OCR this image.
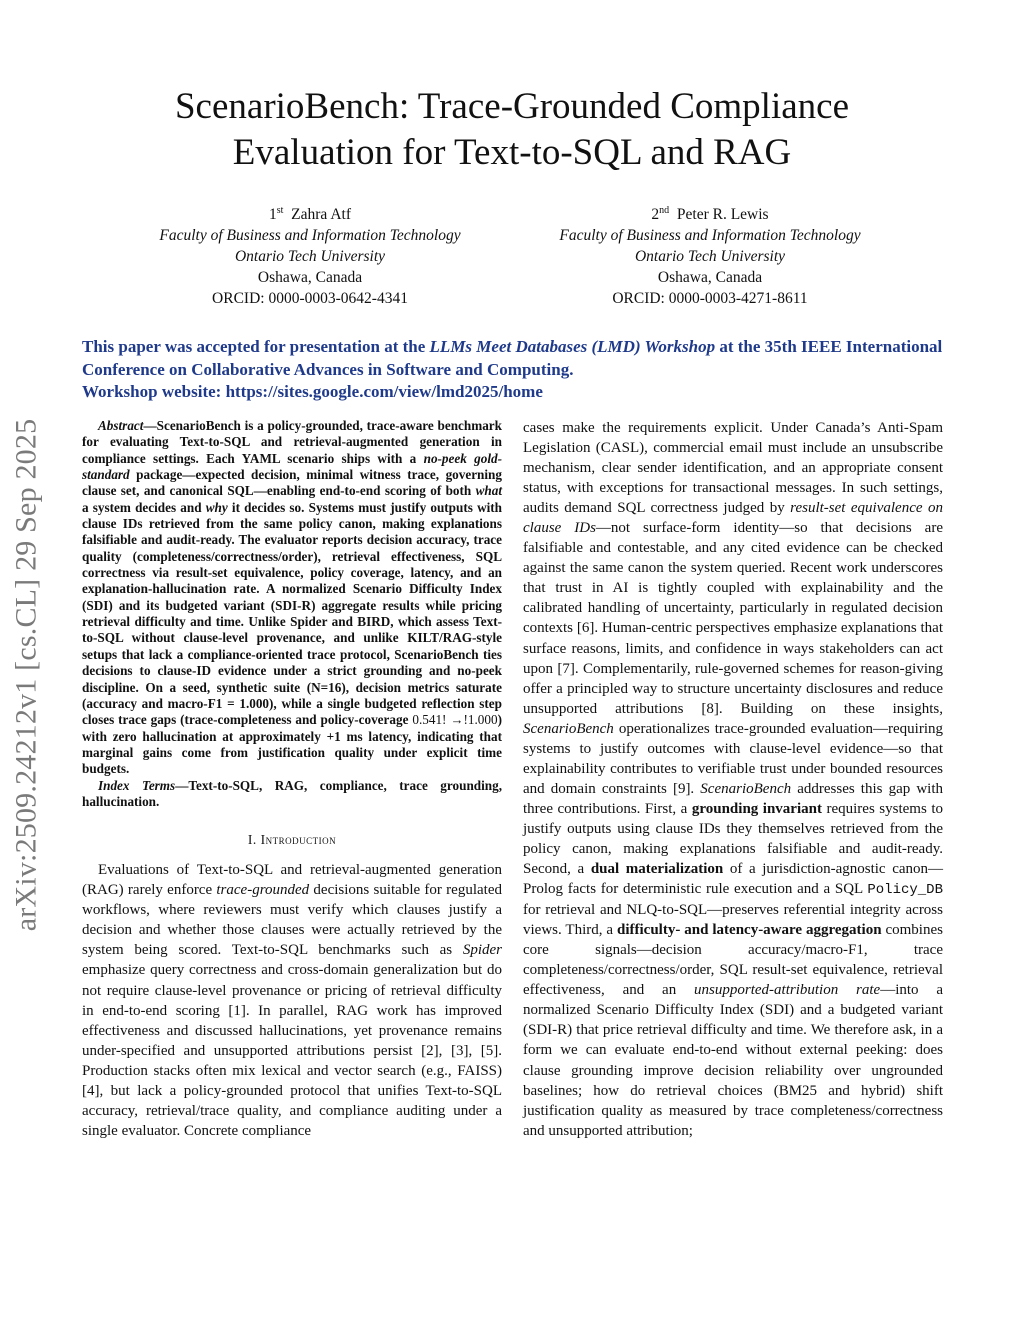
arXiv:2509.24212v1 [cs.CL] 29 Sep 2025
ScenarioBench: Trace-Grounded Compliance
Evaluation for Text-to-SQL and RAG
1st Zahra Atf
Faculty of Business and Information Technology
Ontario Tech University
Oshawa, Canada
ORCID: 0000-0003-0642-4341
2nd Peter R. Lewis
Faculty of Business and Information Technology
Ontario Tech University
Oshawa, Canada
ORCID: 0000-0003-4271-8611
This paper was accepted for presentation at the LLMs Meet Databases (LMD) Workshop at the 35th IEEE International Conference on Collaborative Advances in Software and Computing.
Workshop website: https://sites.google.com/view/lmd2025/home

Abstract—ScenarioBench is a policy-grounded, trace-aware benchmark for evaluating Text-to-SQL and retrieval-augmented generation in compliance settings. Each YAML scenario ships with a no-peek gold-standard package—expected decision, minimal witness trace, governing clause set, and canonical SQL—enabling end-to-end scoring of both what a system decides and why it decides so. Systems must justify outputs with clause IDs retrieved from the same policy canon, making explanations falsifiable and audit-ready. The evaluator reports decision accuracy, trace quality (completeness/correctness/order), retrieval effectiveness, SQL correctness via result-set equivalence, policy coverage, latency, and an explanation-hallucination rate. A normalized Scenario Difficulty Index (SDI) and its budgeted variant (SDI-R) aggregate results while pricing retrieval difficulty and time. Unlike Spider and BIRD, which assess Text-to-SQL without clause-level provenance, and unlike KILT/RAG-style setups that lack a compliance-oriented trace protocol, ScenarioBench ties decisions to clause-ID evidence under a strict grounding and no-peek discipline. On a seed, synthetic suite (N=16), decision metrics saturate (accuracy and macro-F1 = 1.000), while a single budgeted reflection step closes trace gaps (trace-completeness and policy-coverage 0.541! →!1.000) with zero hallucination at approximately +1 ms latency, indicating that marginal gains come from justification quality under explicit time budgets.

Index Terms—Text-to-SQL, RAG, compliance, trace grounding, hallucination.

I. Introduction

Evaluations of Text-to-SQL and retrieval-augmented generation (RAG) rarely enforce trace-grounded decisions suitable for regulated workflows, where reviewers must verify which clauses justify a decision and whether those clauses were actually retrieved by the system being scored. Text-to-SQL benchmarks such as Spider emphasize query correctness and cross-domain generalization but do not require clause-level provenance or pricing of retrieval difficulty in end-to-end scoring [1]. In parallel, RAG work has improved effectiveness and discussed hallucinations, yet provenance remains under-specified and unsupported attributions persist [2], [3], [5]. Production stacks often mix lexical and vector search (e.g., FAISS) [4], but lack a policy-grounded protocol that unifies Text-to-SQL accuracy, retrieval/trace quality, and compliance auditing under a single evaluator. Concrete compliance

cases make the requirements explicit. Under Canada’s Anti-Spam Legislation (CASL), commercial email must include an unsubscribe mechanism, clear sender identification, and an appropriate consent status, with exceptions for transactional messages. In such settings, audits demand SQL correctness judged by result-set equivalence on clause IDs—not surface-form identity—so that decisions are falsifiable and contestable, and any cited evidence can be checked against the same canon the system queried. Recent work underscores that trust in AI is tightly coupled with explainability and the calibrated handling of uncertainty, particularly in regulated decision contexts [6]. Human-centric perspectives emphasize explanations that surface reasons, limits, and confidence in ways stakeholders can act upon [7]. Complementarily, rule-governed schemes for reason-giving offer a principled way to structure uncertainty disclosures and reduce unsupported attributions [8]. Building on these insights, ScenarioBench operationalizes trace-grounded evaluation—requiring systems to justify outcomes with clause-level evidence—so that explainability contributes to verifiable trust under bounded resources and domain constraints [9]. ScenarioBench addresses this gap with three contributions. First, a grounding invariant requires systems to justify outputs using clause IDs they themselves retrieved from the policy canon, making explanations falsifiable and audit-ready. Second, a dual materialization of a jurisdiction-agnostic canon—Prolog facts for deterministic rule execution and a SQL Policy_DB for retrieval and NLQ-to-SQL—preserves referential integrity across views. Third, a difficulty- and latency-aware aggregation combines core signals—decision accuracy/macro-F1, trace completeness/correctness/order, SQL result-set equivalence, retrieval effectiveness, and an unsupported-attribution rate—into a normalized Scenario Difficulty Index (SDI) and a budgeted variant (SDI-R) that price retrieval difficulty and time. We therefore ask, in a form we can evaluate end-to-end without external peeking: does clause grounding improve decision reliability over ungrounded baselines; how do retrieval choices (BM25 and hybrid) shift justification quality as measured by trace completeness/correctness and unsupported attribution;
